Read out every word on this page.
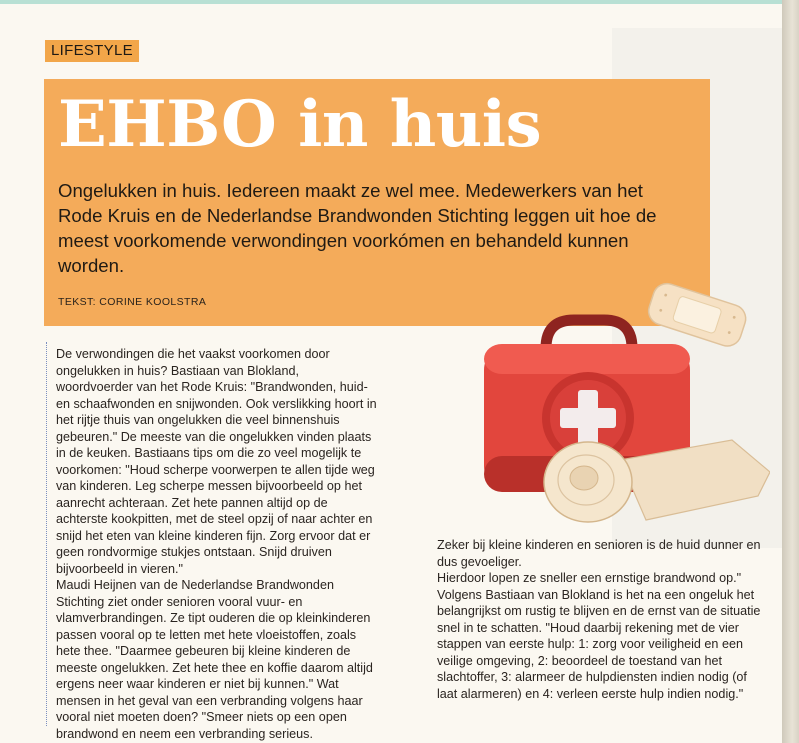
LIFESTYLE
EHBO in huis

Ongelukken in huis. Iedereen maakt ze wel mee. Medewerkers van het Rode Kruis en de Nederlandse Brandwonden Stichting leggen uit hoe de meest voorkomende verwondingen voorkómen en behandeld kunnen worden.

TEKST: CORINE KOOLSTRA

De verwondingen die het vaakst voorkomen door ongelukken in huis? Bastiaan van Blokland, woordvoerder van het Rode Kruis: "Brandwonden, huid- en schaafwonden en snijwonden. Ook verslikking hoort in het rijtje thuis van ongelukken die veel binnenshuis gebeuren." De meeste van die ongelukken vinden plaats in de keuken. Bastiaans tips om die zo veel mogelijk te voorkomen: "Houd scherpe voorwerpen te allen tijde weg van kinderen. Leg scherpe messen bijvoorbeeld op het aanrecht achteraan. Zet hete pannen altijd op de achterste kookpitten, met de steel opzij of naar achter en snijd het eten van kleine kinderen fijn. Zorg ervoor dat er geen rondvormige stukjes ontstaan. Snijd druiven bijvoorbeeld in vieren."

Maudi Heijnen van de Nederlandse Brandwonden Stichting ziet onder senioren vooral vuur- en vlamverbrandingen. Ze tipt ouderen die op kleinkinderen passen vooral op te letten met hete vloeistoffen, zoals hete thee. "Daarmee gebeuren bij kleine kinderen de meeste ongelukken. Zet hete thee en koffie daarom altijd ergens neer waar kinderen er niet bij kunnen." Wat mensen in het geval van een verbranding volgens haar vooral niet moeten doen? "Smeer niets op een open brandwond en neem een verbranding serieus.

Zeker bij kleine kinderen en senioren is de huid dunner en dus gevoeliger.

Hierdoor lopen ze sneller een ernstige brandwond op."

Volgens Bastiaan van Blokland is het na een ongeluk het belangrijkst om rustig te blijven en de ernst van de situatie snel in te schatten. "Houd daarbij rekening met de vier stappen van eerste hulp: 1: zorg voor veiligheid en een veilige omgeving, 2: beoordeel de toestand van het slachtoffer, 3: alarmeer de hulpdiensten indien nodig (of laat alarmeren) en 4: verleen eerste hulp indien nodig."
